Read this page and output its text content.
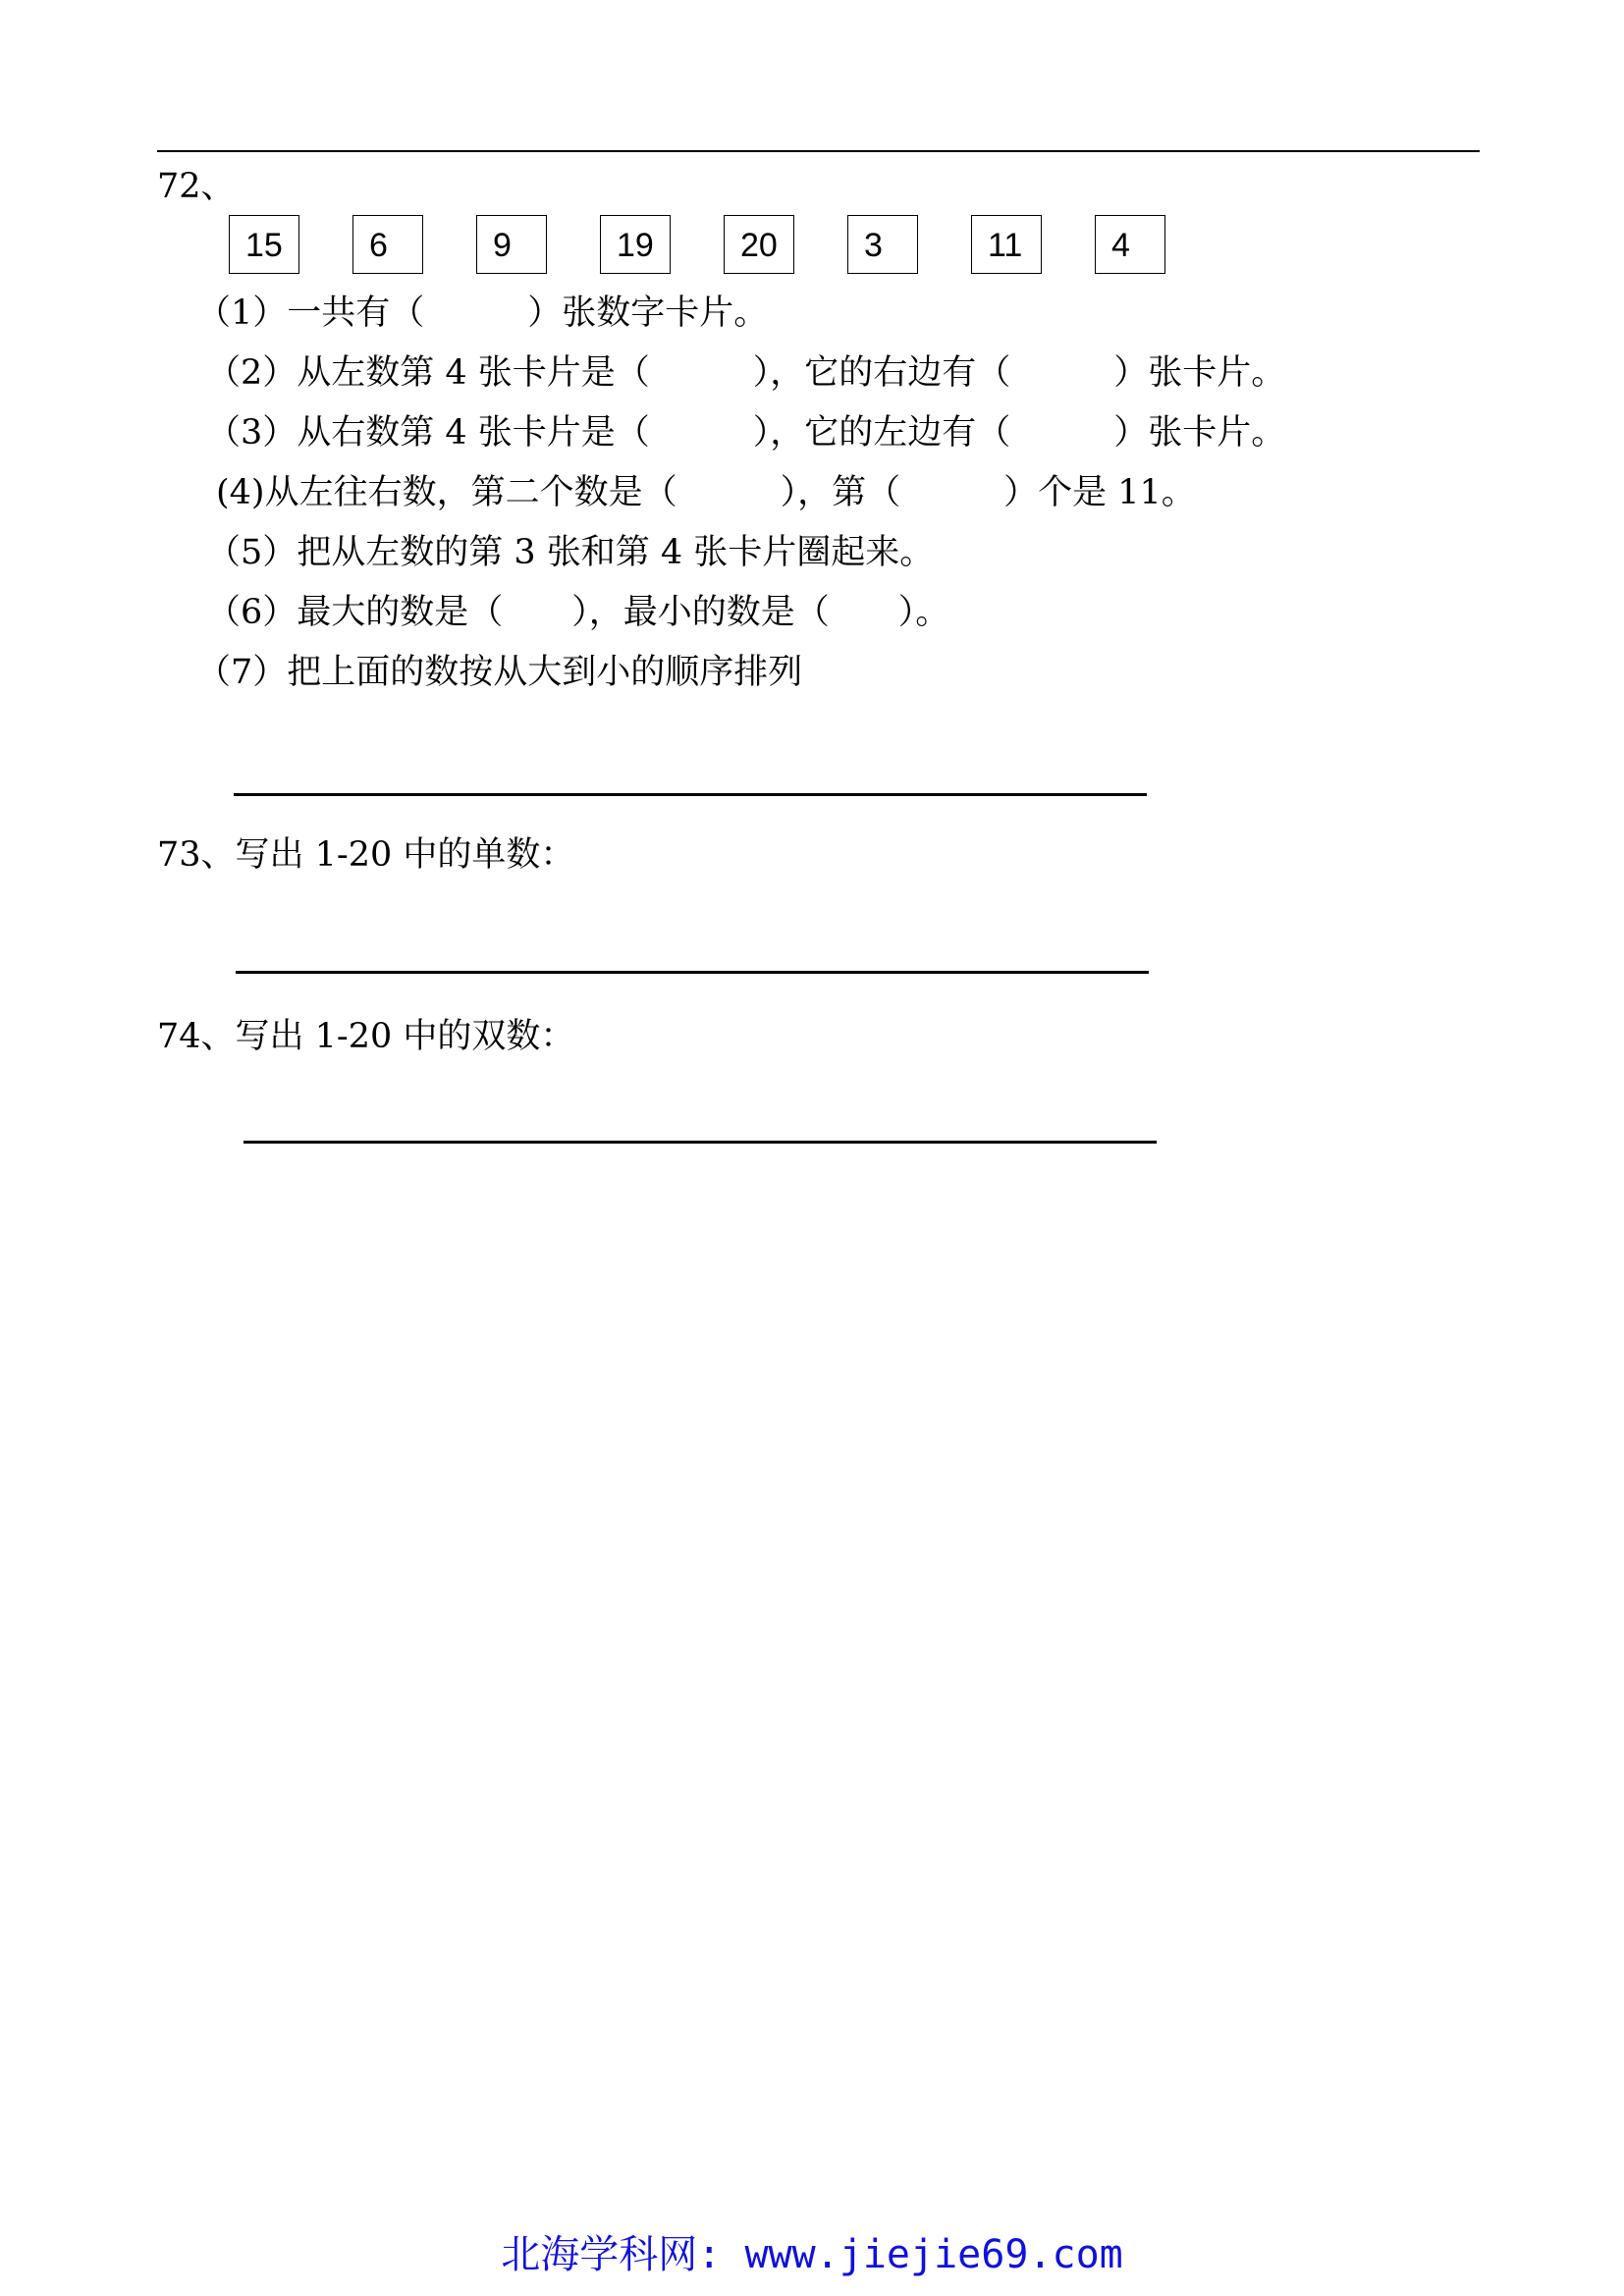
72、
15	6	9	19	20	3	11	4
（1）一共有（　　　）张数字卡片。
（2）从左数第 4 张卡片是（　　　），它的右边有（　　　）张卡片。
（3）从右数第 4 张卡片是（　　　），它的左边有（　　　）张卡片。
(4)从左往右数，第二个数是（　　　），第（　　　）个是 11。
（5）把从左数的第 3 张和第 4 张卡片圈起来。
（6）最大的数是（　　），最小的数是（　　）。
（7）把上面的数按从大到小的顺序排列
73、写出 1-20 中的单数：
74、写出 1-20 中的双数：
北海学科网: www.jiejie69.com
